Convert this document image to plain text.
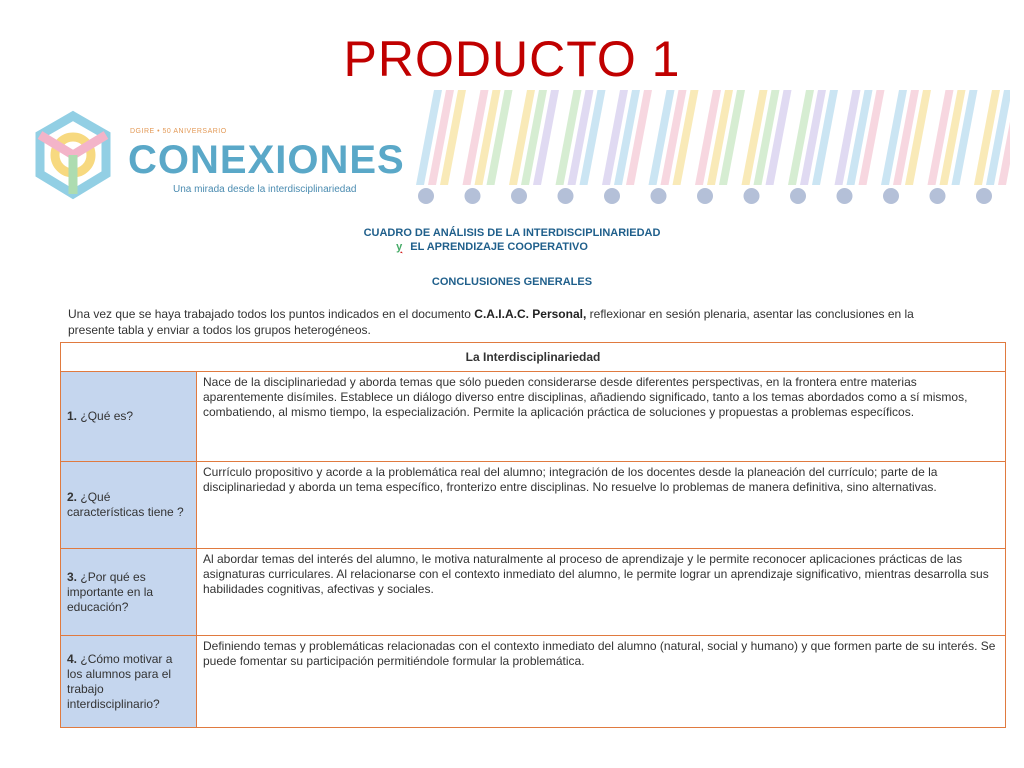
PRODUCTO 1
DGIRE • 50 ANIVERSARIO
CONEXIONES
Una mirada desde la interdisciplinariedad
CUADRO DE ANÁLISIS DE LA INTERDISCIPLINARIEDAD
y EL APRENDIZAJE COOPERATIVO
CONCLUSIONES GENERALES
Una vez que se haya trabajado todos los puntos indicados en el documento C.A.I.A.C. Personal, reflexionar en sesión plenaria, asentar las conclusiones en la presente tabla y enviar a todos los grupos heterogéneos.
La Interdisciplinariedad	
1. ¿Qué es?	Nace de la disciplinariedad y aborda temas que sólo pueden considerarse desde diferentes perspectivas, en la frontera entre materias aparentemente disímiles. Establece un diálogo diverso entre disciplinas, añadiendo significado, tanto a los temas abordados como a sí mismos, combatiendo, al mismo tiempo, la especialización. Permite la aplicación práctica de soluciones y propuestas a problemas específicos.
2. ¿Qué características tiene ?	Currículo propositivo y acorde a la problemática real del alumno; integración de los docentes desde la planeación del currículo; parte de la disciplinariedad y aborda un tema específico, fronterizo entre disciplinas. No resuelve lo problemas de manera definitiva, sino alternativas.
3. ¿Por qué es importante en la educación?	Al abordar temas del interés del alumno, le motiva naturalmente al proceso de aprendizaje y le permite reconocer aplicaciones prácticas de las asignaturas curriculares. Al relacionarse con el contexto inmediato del alumno, le permite lograr un aprendizaje significativo, mientras desarrolla sus habilidades cognitivas, afectivas y sociales.
4. ¿Cómo motivar a los alumnos para el trabajo interdisciplinario?	Definiendo temas y problemáticas relacionadas con el contexto inmediato del alumno (natural, social y humano) y que formen parte de su interés. Se puede fomentar su participación permitiéndole formular la problemática.
